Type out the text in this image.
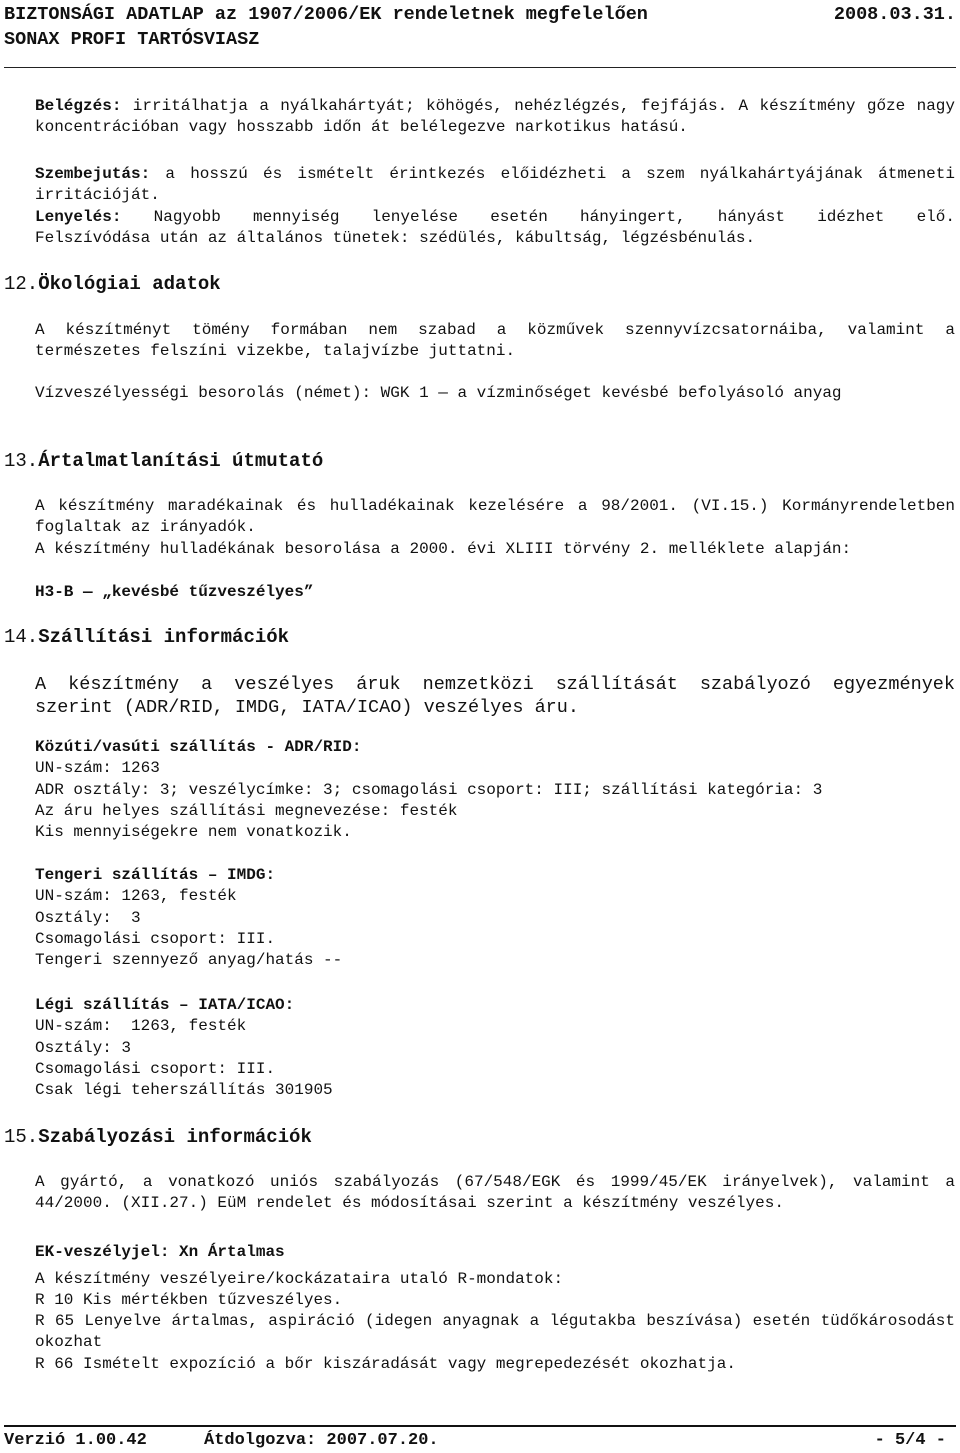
BIZTONSÁGI ADATLAP az 1907/2006/EK rendeletnek megfelelően	2008.03.31.
SONAX PROFI TARTÓSVIASZ
Belégzés: irritálhatja a nyálkahártyát; köhögés, nehézlégzés, fejfájás. A készítmény gőze nagy koncentrációban vagy hosszabb időn át belélegezve narkotikus hatású.
Szembejutás: a hosszú és ismételt érintkezés előidézheti a szem nyálkahártyájának átmeneti irritációját.
Lenyelés: Nagyobb mennyiség lenyelése esetén hányingert, hányást idézhet elő.
Felszívódása után az általános tünetek: szédülés, kábultság, légzésbénulás.
12.Ökológiai adatok
A készítményt tömény formában nem szabad a közművek szennyvízcsatornáiba, valamint a természetes felszíni vizekbe, talajvízbe juttatni.
Vízveszélyességi besorolás (német): WGK 1 — a vízminőséget kevésbé befolyásoló anyag
13.Ártalmatlanítási útmutató
A készítmény maradékainak és hulladékainak kezelésére a 98/2001. (VI.15.) Kormányrendeletben foglaltak az irányadók.
A készítmény hulladékának besorolása a 2000. évi XLIII törvény 2. melléklete alapján:
H3-B — „kevésbé tűzveszélyes”
14.Szállítási információk
A készítmény a veszélyes áruk nemzetközi szállítását szabályozó egyezmények szerint (ADR/RID, IMDG, IATA/ICAO) veszélyes áru.
Közúti/vasúti szállítás - ADR/RID:
UN-szám: 1263
ADR osztály: 3; veszélycímke: 3; csomagolási csoport: III; szállítási kategória: 3
Az áru helyes szállítási megnevezése: festék
Kis mennyiségekre nem vonatkozik.
Tengeri szállítás – IMDG:
UN-szám: 1263, festék
Osztály:  3
Csomagolási csoport: III.
Tengeri szennyező anyag/hatás --
Légi szállítás – IATA/ICAO:
UN-szám:  1263, festék
Osztály: 3
Csomagolási csoport: III.
Csak légi teherszállítás 301905
15.Szabályozási információk
A gyártó, a vonatkozó uniós szabályozás (67/548/EGK és 1999/45/EK irányelvek), valamint a 44/2000. (XII.27.) EüM rendelet és módosításai szerint a készítmény veszélyes.
EK-veszélyjel: Xn Ártalmas
A készítmény veszélyeire/kockázataira utaló R-mondatok:
R 10 Kis mértékben tűzveszélyes.
R 65 Lenyelve ártalmas, aspiráció (idegen anyagnak a légutakba beszívása) esetén tüdőkárosodást okozhat
R 66 Ismételt expozíció a bőr kiszáradását vagy megrepedezését okozhatja.
Verzió 1.00.42	Átdolgozva: 2007.07.20.	- 5/4 -
